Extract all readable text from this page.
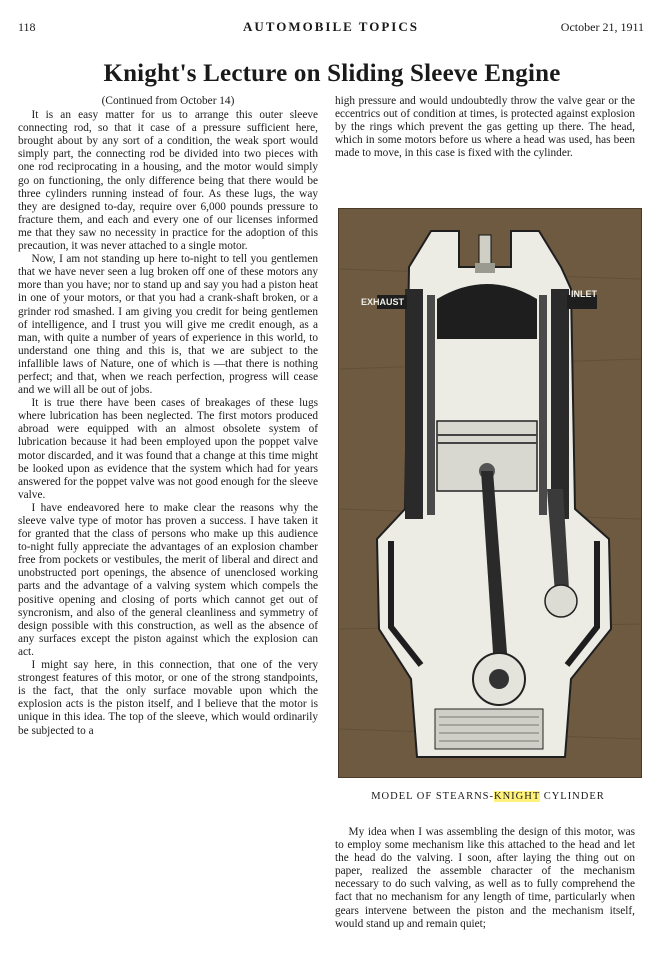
118	AUTOMOBILE TOPICS	October 21, 1911
Knight's Lecture on Sliding Sleeve Engine

(Continued from October 14)

It is an easy matter for us to arrange this outer sleeve connecting rod, so that it case of a pressure sufficient here, brought about by any sort of a condition, the weak sport would simply part, the connecting rod be divided into two pieces with one rod reciprocating in a housing, and the motor would simply go on functioning, the only difference being that there would be three cylinders running instead of four. As these lugs, the way they are designed to-day, require over 6,000 pounds pressure to fracture them, and each and every one of our licenses informed me that they saw no necessity in practice for the adoption of this precaution, it was never attached to a single motor.

Now, I am not standing up here to-night to tell you gentlemen that we have never seen a lug broken off one of these motors any more than you have; nor to stand up and say you had a piston heat in one of your motors, or that you had a crank-shaft broken, or a grinder rod smashed. I am giving you credit for being gentlemen of intelligence, and I trust you will give me credit enough, as a man, with quite a number of years of experience in this world, to understand one thing and this is, that we are subject to the infallible laws of Nature, one of which is —that there is nothing perfect; and that, when we reach perfection, progress will cease and we will all be out of jobs.

It is true there have been cases of breakages of these lugs where lubrication has been neglected. The first motors produced abroad were equipped with an almost obsolete system of lubrication because it had been employed upon the poppet valve motor discarded, and it was found that a change at this time might be looked upon as evidence that the system which had for years answered for the poppet valve was not good enough for the sleeve valve.

I have endeavored here to make clear the reasons why the sleeve valve type of motor has proven a success. I have taken it for granted that the class of persons who make up this audience to-night fully appreciate the advantages of an explosion chamber free from pockets or vestibules, the merit of liberal and direct and unobstructed port openings, the absence of unenclosed working parts and the advantage of a valving system which compels the positive opening and closing of ports which cannot get out of syncronism, and also of the general cleanliness and symmetry of design possible with this construction, as well as the absence of any surfaces except the piston against which the explosion can act.

I might say here, in this connection, that one of the very strongest features of this motor, or one of the strong standpoints, is the fact, that the only surface movable upon which the explosion acts is the piston itself, and I believe that the motor is unique in this idea. The top of the sleeve, which would ordinarily be subjected to a

high pressure and would undoubtedly throw the valve gear or the eccentrics out of condition at times, is protected against explosion by the rings which prevent the gas getting up there. The head, which in some motors before us where a head was used, has been made to move, in this case is fixed with the cylinder.

EXHAUST
INLET
MODEL OF STEARNS-KNIGHT CYLINDER

My idea when I was assembling the design of this motor, was to employ some mechanism like this attached to the head and let the head do the valving. I soon, after laying the thing out on paper, realized the assemble character of the mechanism necessary to do such valving, as well as to fully comprehend the fact that no mechanism for any length of time, particularly when gears intervene between the piston and the mechanism itself, would stand up and remain quiet;
